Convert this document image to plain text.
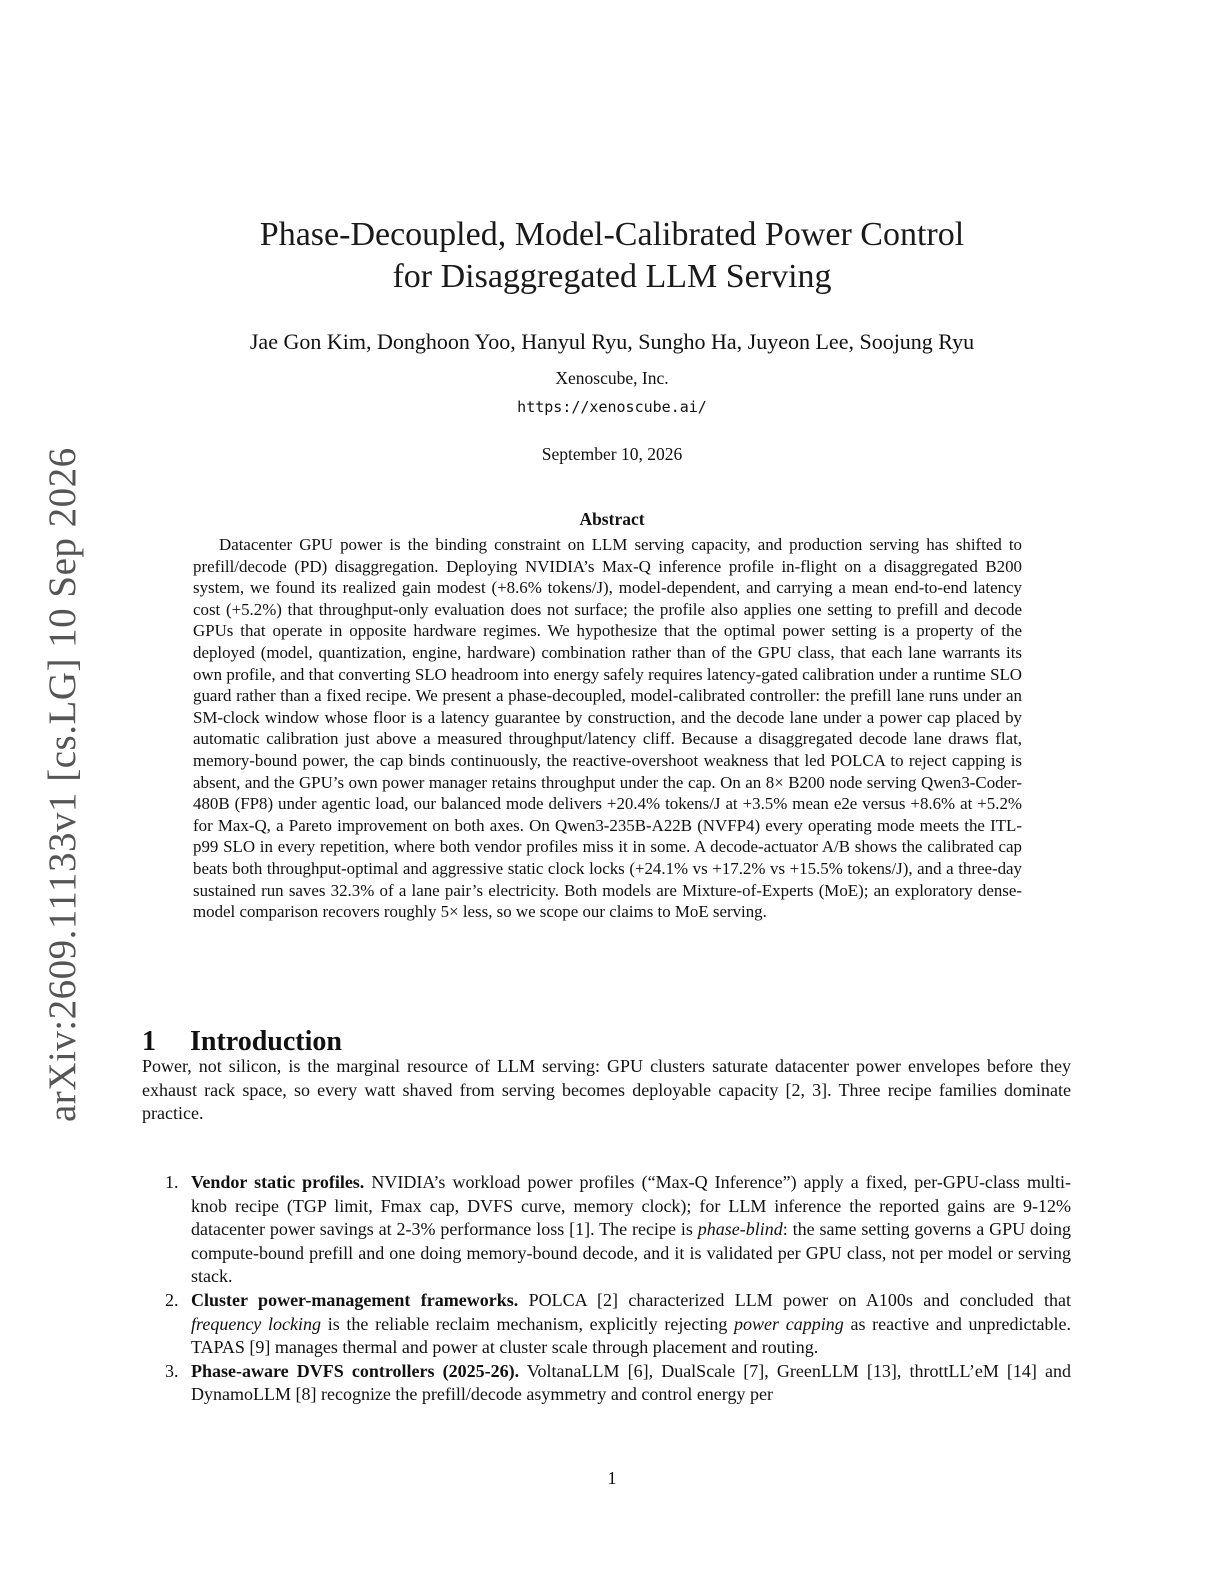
arXiv:2609.11133v1 [cs.LG] 10 Sep 2026
Phase-Decoupled, Model-Calibrated Power Control
for Disaggregated LLM Serving
Jae Gon Kim, Donghoon Yoo, Hanyul Ryu, Sungho Ha, Juyeon Lee, Soojung Ryu
Xenoscube, Inc.
https://xenoscube.ai/
September 10, 2026
Abstract

Datacenter GPU power is the binding constraint on LLM serving capacity, and production serving has shifted to prefill/decode (PD) disaggregation. Deploying NVIDIA’s Max-Q inference profile in-flight on a disaggregated B200 system, we found its realized gain modest (+8.6% tokens/J), model-dependent, and carrying a mean end-to-end latency cost (+5.2%) that throughput-only evaluation does not surface; the profile also applies one setting to prefill and decode GPUs that operate in opposite hardware regimes. We hypothesize that the optimal power setting is a property of the deployed (model, quantization, engine, hardware) combination rather than of the GPU class, that each lane warrants its own profile, and that converting SLO headroom into energy safely requires latency-gated calibration under a runtime SLO guard rather than a fixed recipe. We present a phase-decoupled, model-calibrated controller: the prefill lane runs under an SM-clock window whose floor is a latency guarantee by construction, and the decode lane under a power cap placed by automatic calibration just above a measured throughput/latency cliff. Because a disaggregated decode lane draws flat, memory-bound power, the cap binds continuously, the reactive-overshoot weakness that led POLCA to reject capping is absent, and the GPU’s own power manager retains throughput under the cap. On an 8× B200 node serving Qwen3-Coder-480B (FP8) under agentic load, our balanced mode delivers +20.4% tokens/J at +3.5% mean e2e versus +8.6% at +5.2% for Max-Q, a Pareto improvement on both axes. On Qwen3-235B-A22B (NVFP4) every operating mode meets the ITL-p99 SLO in every repetition, where both vendor profiles miss it in some. A decode-actuator A/B shows the calibrated cap beats both throughput-optimal and aggressive static clock locks (+24.1% vs +17.2% vs +15.5% tokens/J), and a three-day sustained run saves 32.3% of a lane pair’s electricity. Both models are Mixture-of-Experts (MoE); an exploratory dense-model comparison recovers roughly 5× less, so we scope our claims to MoE serving.

1 Introduction

Power, not silicon, is the marginal resource of LLM serving: GPU clusters saturate datacenter power envelopes before they exhaust rack space, so every watt shaved from serving becomes deployable capacity [2, 3]. Three recipe families dominate practice.

1. Vendor static profiles. NVIDIA’s workload power profiles (“Max-Q Inference”) apply a fixed, per-GPU-class multi-knob recipe (TGP limit, Fmax cap, DVFS curve, memory clock); for LLM inference the reported gains are 9-12% datacenter power savings at 2-3% performance loss [1]. The recipe is phase-blind: the same setting governs a GPU doing compute-bound prefill and one doing memory-bound decode, and it is validated per GPU class, not per model or serving stack.
2. Cluster power-management frameworks. POLCA [2] characterized LLM power on A100s and concluded that frequency locking is the reliable reclaim mechanism, explicitly rejecting power capping as reactive and unpredictable. TAPAS [9] manages thermal and power at cluster scale through placement and routing.
3. Phase-aware DVFS controllers (2025-26). VoltanaLLM [6], DualScale [7], GreenLLM [13], throttLL’eM [14] and DynamoLLM [8] recognize the prefill/decode asymmetry and control energy per
1
